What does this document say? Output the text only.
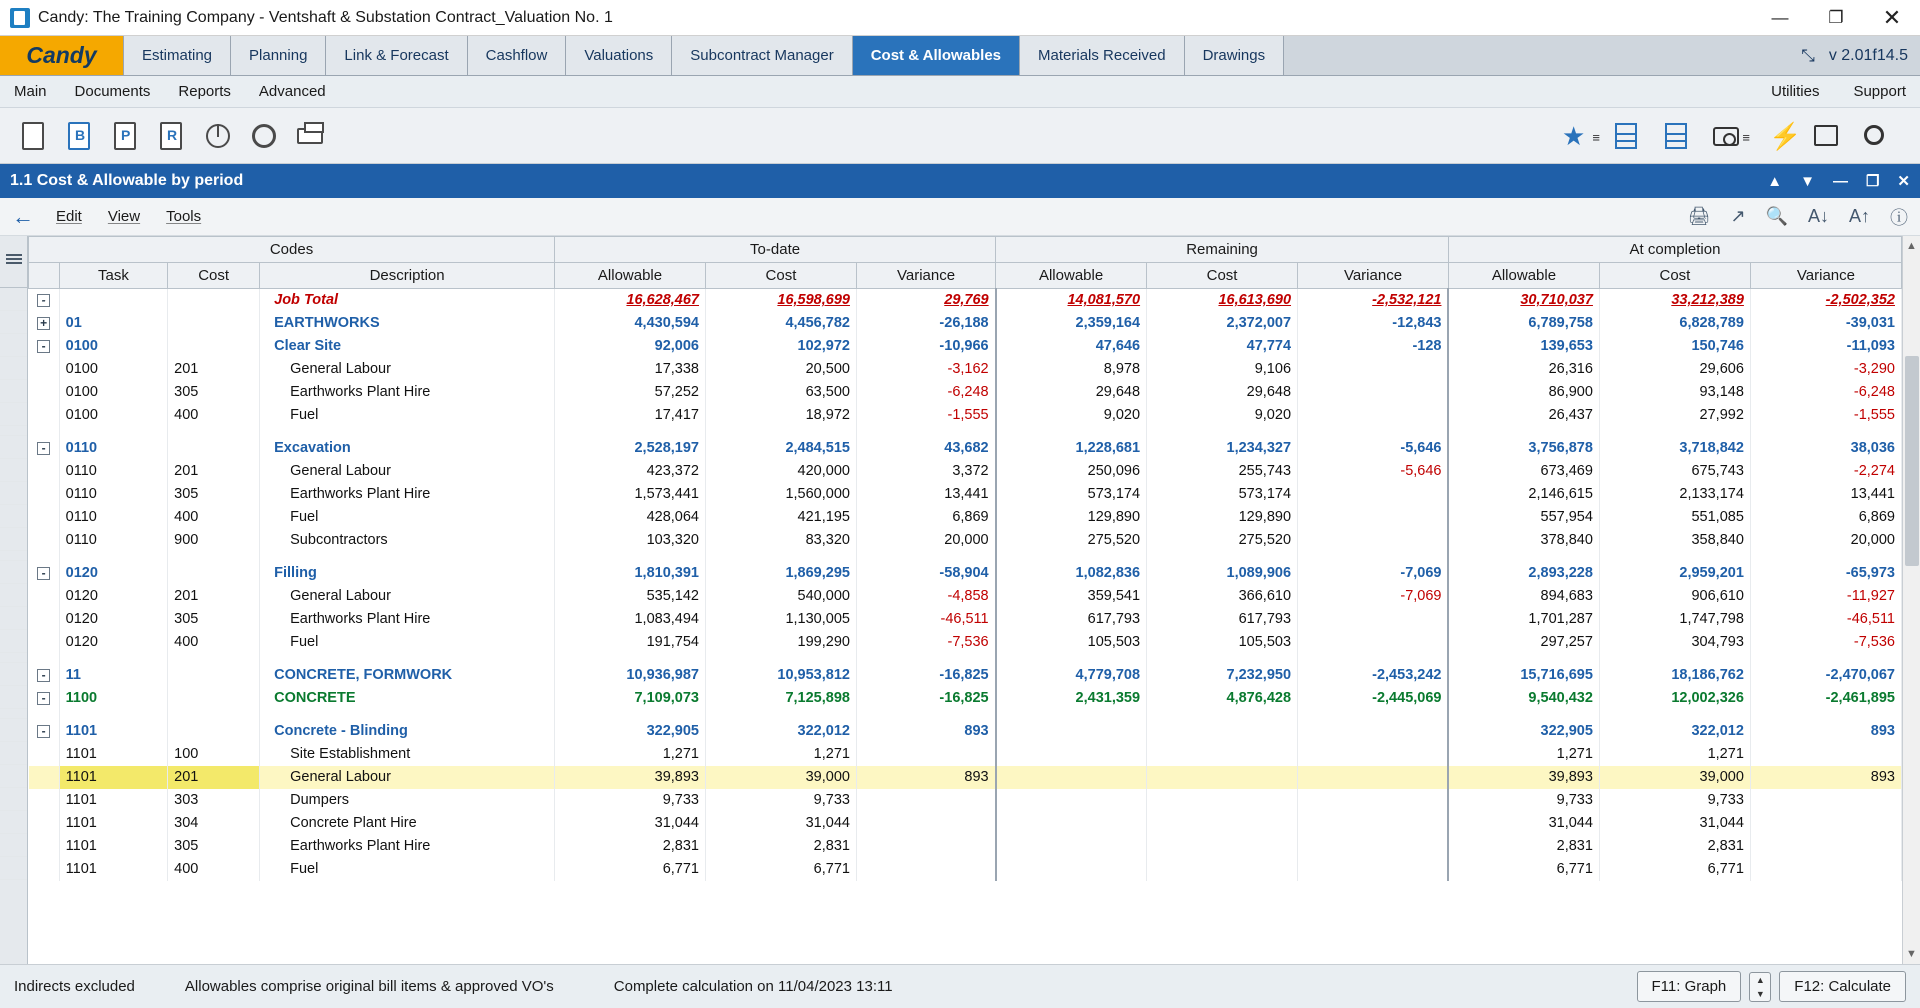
Candy: The Training Company - Ventshaft & Substation Contract_Valuation No. 1	—	❐	✕
Candy	Estimating	Planning	Link & Forecast	Cashflow	Valuations	Subcontract Manager	Cost & Allowables	Materials Received	Drawings	⤡ v 2.01f14.5
Main Documents Reports Advanced	Utilities Support
B
P
R
★ ≡	≡ ⚡
1.1 Cost & Allowable by period	▲ ▼ — ❐ ✕
← Edit View Tools	🖨 ↗ 🔍 A↓ A↑ ⓘ
Codes				To-date			Remaining			At completion		
	Task	Cost	Description	Allowable	Cost	Variance	Allowable	Cost	Variance	Allowable	Cost	Variance
-			Job Total	16,628,467	16,598,699	29,769	14,081,570	16,613,690	-2,532,121	30,710,037	33,212,389	-2,502,352
+	01		EARTHWORKS	4,430,594	4,456,782	-26,188	2,359,164	2,372,007	-12,843	6,789,758	6,828,789	-39,031
-	0100		Clear Site	92,006	102,972	-10,966	47,646	47,774	-128	139,653	150,746	-11,093
	0100	201	General Labour	17,338	20,500	-3,162	8,978	9,106		26,316	29,606	-3,290
	0100	305	Earthworks Plant Hire	57,252	63,500	-6,248	29,648	29,648		86,900	93,148	-6,248
	0100	400	Fuel	17,417	18,972	-1,555	9,020	9,020		26,437	27,992	-1,555

-	0110		Excavation	2,528,197	2,484,515	43,682	1,228,681	1,234,327	-5,646	3,756,878	3,718,842	38,036
	0110	201	General Labour	423,372	420,000	3,372	250,096	255,743	-5,646	673,469	675,743	-2,274
	0110	305	Earthworks Plant Hire	1,573,441	1,560,000	13,441	573,174	573,174		2,146,615	2,133,174	13,441
	0110	400	Fuel	428,064	421,195	6,869	129,890	129,890		557,954	551,085	6,869
	0110	900	Subcontractors	103,320	83,320	20,000	275,520	275,520		378,840	358,840	20,000

-	0120		Filling	1,810,391	1,869,295	-58,904	1,082,836	1,089,906	-7,069	2,893,228	2,959,201	-65,973
	0120	201	General Labour	535,142	540,000	-4,858	359,541	366,610	-7,069	894,683	906,610	-11,927
	0120	305	Earthworks Plant Hire	1,083,494	1,130,005	-46,511	617,793	617,793		1,701,287	1,747,798	-46,511
	0120	400	Fuel	191,754	199,290	-7,536	105,503	105,503		297,257	304,793	-7,536

-	11		CONCRETE, FORMWORK	10,936,987	10,953,812	-16,825	4,779,708	7,232,950	-2,453,242	15,716,695	18,186,762	-2,470,067
-	1100		CONCRETE	7,109,073	7,125,898	-16,825	2,431,359	4,876,428	-2,445,069	9,540,432	12,002,326	-2,461,895

-	1101		Concrete - Blinding	322,905	322,012	893				322,905	322,012	893
	1101	100	Site Establishment	1,271	1,271					1,271	1,271	
	1101	201	General Labour	39,893	39,000	893				39,893	39,000	893
	1101	303	Dumpers	9,733	9,733					9,733	9,733	
	1101	304	Concrete Plant Hire	31,044	31,044					31,044	31,044	
	1101	305	Earthworks Plant Hire	2,831	2,831					2,831	2,831	
	1101	400	Fuel	6,771	6,771					6,771	6,771	
▲
▼
Indirects excluded	Allowables comprise original bill items & approved VO's	Complete calculation on 11/04/2023 13:11	F11: Graph	▲
▼	F12: Calculate
